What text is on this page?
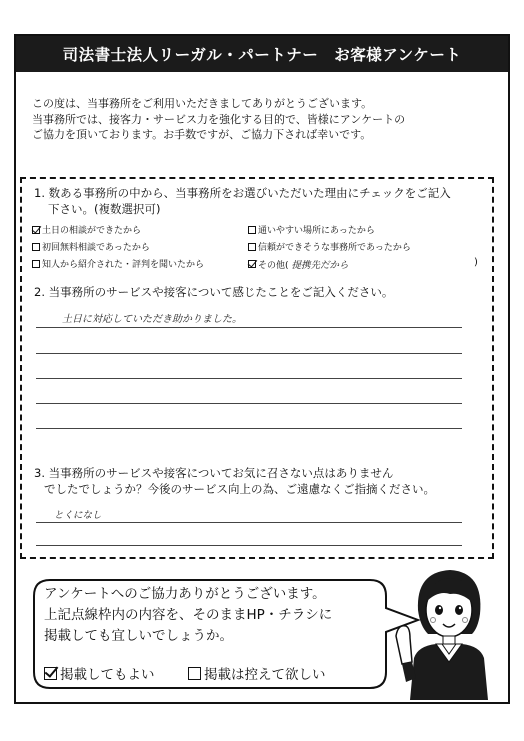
司法書士法人リーガル・パートナー　お客様アンケート
この度は、当事務所をご利用いただきましてありがとうございます。
当事務所では、接客力・サービス力を強化する目的で、皆様にアンケートの
ご協力を頂いております。お手数ですが、ご協力下されば幸いです。
1. 数ある事務所の中から、当事務所をお選びいただいた理由にチェックをご記入
下さい。(複数選択可)
土日の相談ができたから	通いやすい場所にあったから
初回無料相談であったから	信頼ができそうな事務所であったから
知人から紹介された・評判を聞いたから	その他( 提携先だから	)
2. 当事務所のサービスや接客について感じたことをご記入ください。
土日に対応していただき助かりました。
3. 当事務所のサービスや接客についてお気に召さない点はありません
でしたでしょうか？今後のサービス向上の為、ご遠慮なくご指摘ください。
とくになし
アンケートへのご協力ありがとうございます。
上記点線枠内の内容を、そのままHP・チラシに
掲載しても宜しいでしょうか。
掲載してもよい	掲載は控えて欲しい
